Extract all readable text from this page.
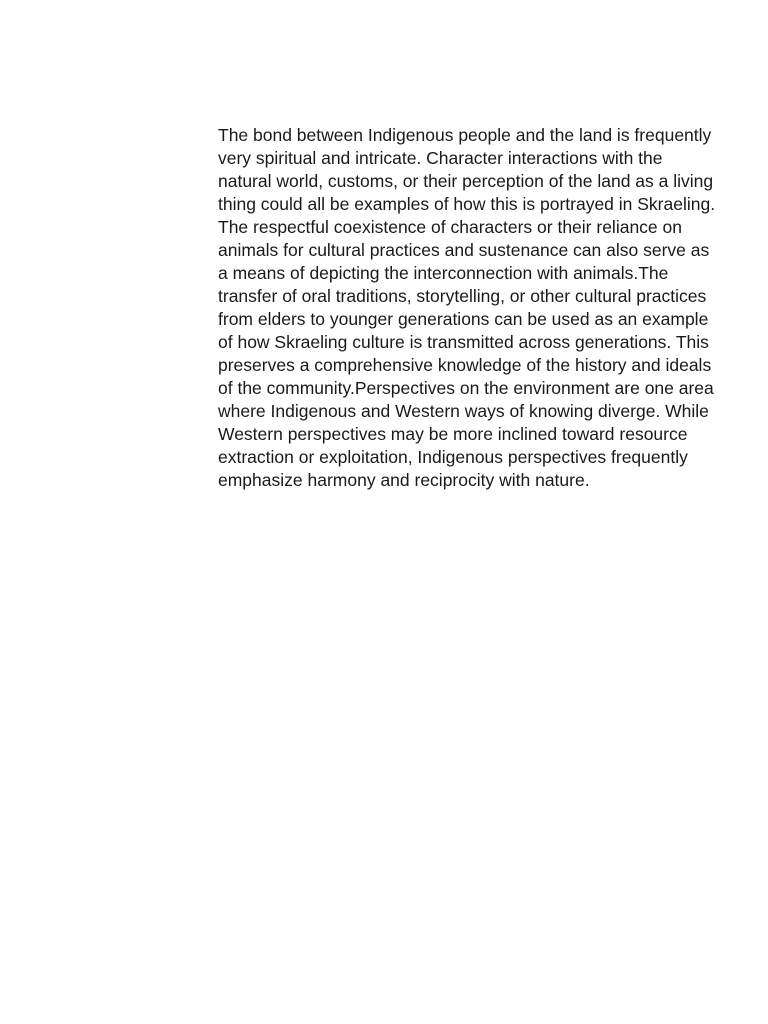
The bond between Indigenous people and the land is frequently
very spiritual and intricate. Character interactions with the
natural world, customs, or their perception of the land as a living
thing could all be examples of how this is portrayed in Skraeling.
The respectful coexistence of characters or their reliance on
animals for cultural practices and sustenance can also serve as
a means of depicting the interconnection with animals.The
transfer of oral traditions, storytelling, or other cultural practices
from elders to younger generations can be used as an example
of how Skraeling culture is transmitted across generations. This
preserves a comprehensive knowledge of the history and ideals
of the community.Perspectives on the environment are one area
where Indigenous and Western ways of knowing diverge. While
Western perspectives may be more inclined toward resource
extraction or exploitation, Indigenous perspectives frequently
emphasize harmony and reciprocity with nature.
